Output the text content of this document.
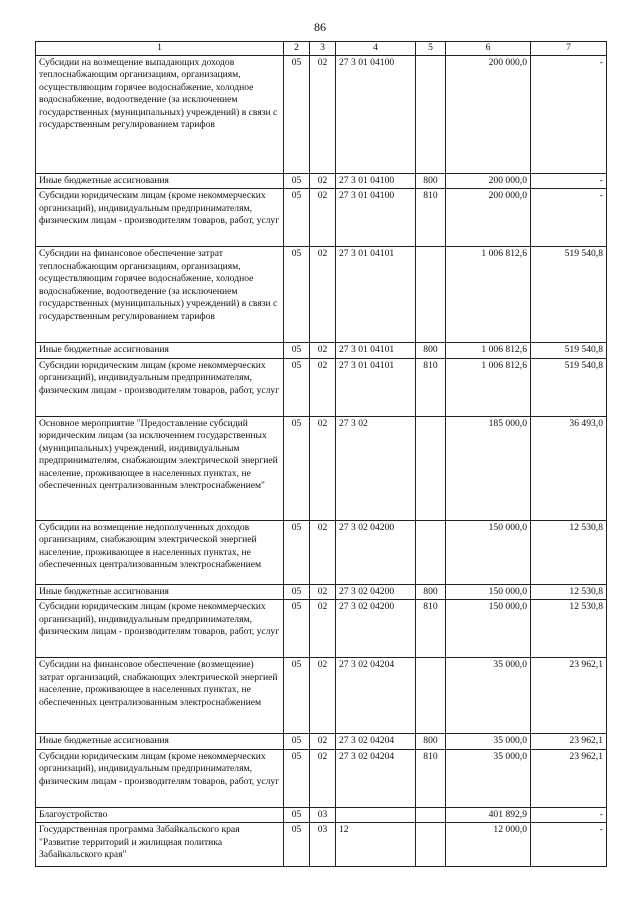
86
1	2	3	4	5	6	7
Субсидии на возмещение выпадающих доходов теплоснабжающим организациям, организациям, осуществляющим горячее водоснабжение, холодное водоснабжение, водоотведение (за исключением государственных (муниципальных) учреждений) в связи с государственным регулированием тарифов	05	02	27 3 01 04100		200 000,0	-
Иные бюджетные ассигнования	05	02	27 3 01 04100	800	200 000,0	-
Субсидии юридическим лицам (кроме некоммерческих организаций), индивидуальным предпринимателям, физическим лицам - производителям товаров, работ, услуг	05	02	27 3 01 04100	810	200 000,0	-
Субсидии на финансовое обеспечение затрат теплоснабжающим организациям, организациям, осуществляющим горячее водоснабжение, холодное водоснабжение, водоотведение (за исключением государственных (муниципальных) учреждений) в связи с государственным регулированием тарифов	05	02	27 3 01 04101		1 006 812,6	519 540,8
Иные бюджетные ассигнования	05	02	27 3 01 04101	800	1 006 812,6	519 540,8
Субсидии юридическим лицам (кроме некоммерческих организаций), индивидуальным предпринимателям, физическим лицам - производителям товаров, работ, услуг	05	02	27 3 01 04101	810	1 006 812,6	519 540,8
Основное мероприятие "Предоставление субсидий юридическим лицам (за исключением государственных (муниципальных) учреждений, индивидуальным предпринимателям, снабжающим электрической энергией население, проживающее в населенных пунктах, не обеспеченных централизованным электроснабжением"	05	02	27 3 02		185 000,0	36 493,0
Субсидии на возмещение недополученных доходов организациям, снабжающим электрической энергией население, проживающее в населенных пунктах, не обеспеченных централизованным электроснабжением	05	02	27 3 02 04200		150 000,0	12 530,8
Иные бюджетные ассигнования	05	02	27 3 02 04200	800	150 000,0	12 530,8
Субсидии юридическим лицам (кроме некоммерческих организаций), индивидуальным предпринимателям, физическим лицам - производителям товаров, работ, услуг	05	02	27 3 02 04200	810	150 000,0	12 530,8
Субсидии на финансовое обеспечение (возмещение) затрат организаций, снабжающих электрической энергией население, проживающее в населенных пунктах, не обеспеченных централизованным электроснабжением	05	02	27 3 02 04204		35 000,0	23 962,1
Иные бюджетные ассигнования	05	02	27 3 02 04204	800	35 000,0	23 962,1
Субсидии юридическим лицам (кроме некоммерческих организаций), индивидуальным предпринимателям, физическим лицам - производителям товаров, работ, услуг	05	02	27 3 02 04204	810	35 000,0	23 962,1
Благоустройство	05	03			401 892,9	-
Государственная программа Забайкальского края "Развитие территорий и жилищная политика Забайкальского края"	05	03	12		12 000,0	-
